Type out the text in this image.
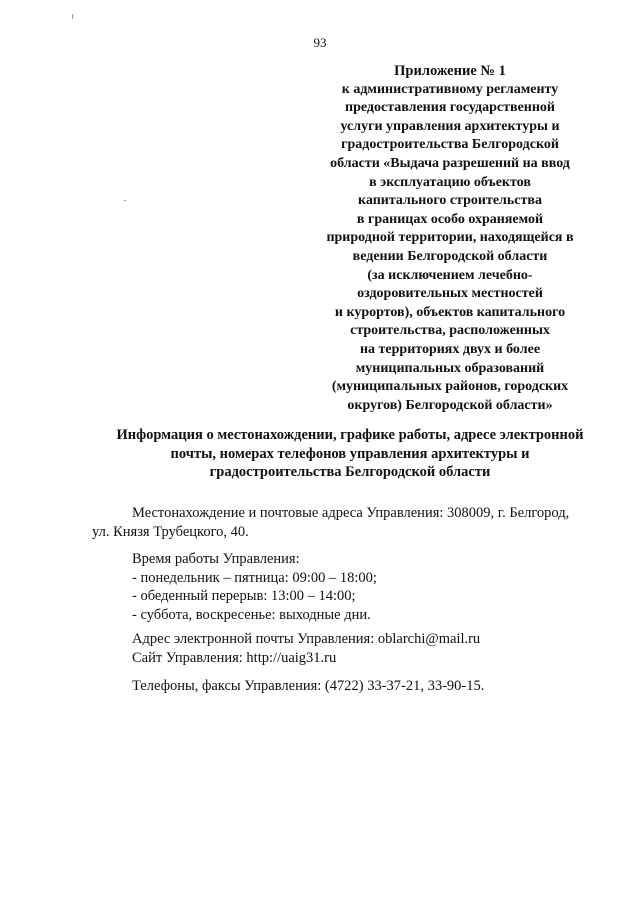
93
Приложение № 1
к административному регламенту
предоставления государственной
услуги управления архитектуры и
градостроительства Белгородской
области «Выдача разрешений на ввод
в эксплуатацию объектов
капитального строительства
в границах особо охраняемой
природной территории, находящейся в
ведении Белгородской области
(за исключением лечебно-
оздоровительных местностей
и курортов), объектов капитального
строительства, расположенных
на территориях двух и более
муниципальных образований
(муниципальных районов, городских
округов) Белгородской области»
Информация о местонахождении, графике работы, адресе электронной
почты, номерах телефонов управления архитектуры и
градостроительства Белгородской области
Местонахождение и почтовые адреса Управления: 308009, г. Белгород,
ул. Князя Трубецкого, 40.
Время работы Управления:
- понедельник – пятница: 09:00 – 18:00;
- обеденный перерыв: 13:00 – 14:00;
- суббота, воскресенье: выходные дни.
Адрес электронной почты Управления: oblarchi@mail.ru
Сайт Управления: http://uaig31.ru
Телефоны, факсы Управления: (4722) 33-37-21, 33-90-15.
